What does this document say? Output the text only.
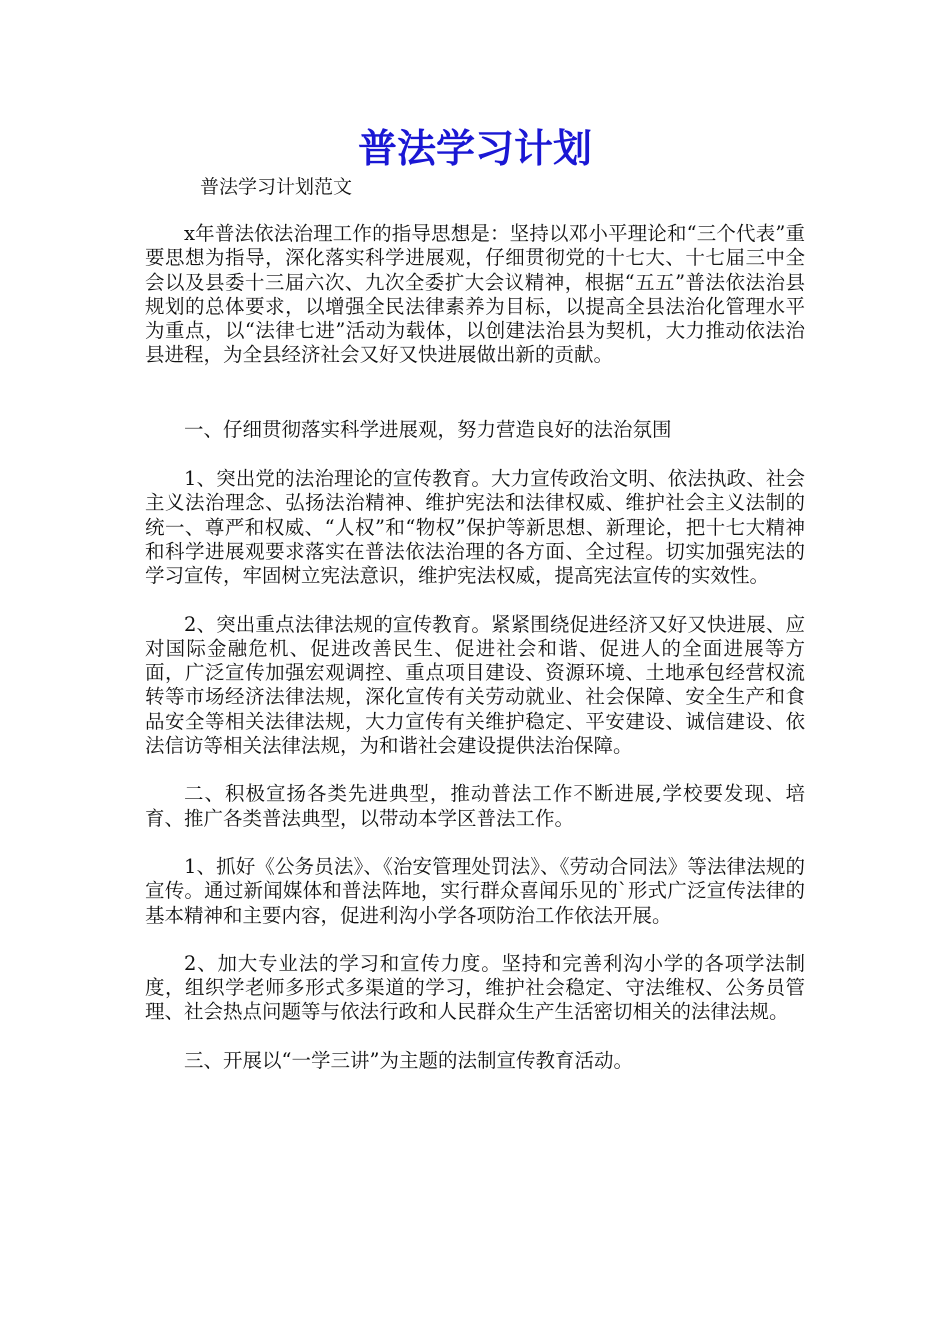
普法学习计划

普法学习计划范文

x年普法依法治理工作的指导思想是：坚持以邓小平理论和“三个代表”重要思想为指导，深化落实科学进展观，仔细贯彻党的十七大、十七届三中全会以及县委十三届六次、九次全委扩大会议精神，根据“五五”普法依法治县规划的总体要求，以增强全民法律素养为目标，以提高全县法治化管理水平为重点，以“法律七进”活动为载体，以创建法治县为契机，大力推动依法治县进程，为全县经济社会又好又快进展做出新的贡献。

一、仔细贯彻落实科学进展观，努力营造良好的法治氛围

1、突出党的法治理论的宣传教育。大力宣传政治文明、依法执政、社会主义法治理念、弘扬法治精神、维护宪法和法律权威、维护社会主义法制的统一、尊严和权威、“人权”和“物权”保护等新思想、新理论，把十七大精神和科学进展观要求落实在普法依法治理的各方面、全过程。切实加强宪法的学习宣传，牢固树立宪法意识，维护宪法权威，提高宪法宣传的实效性。

2、突出重点法律法规的宣传教育。紧紧围绕促进经济又好又快进展、应对国际金融危机、促进改善民生、促进社会和谐、促进人的全面进展等方面，广泛宣传加强宏观调控、重点项目建设、资源环境、土地承包经营权流转等市场经济法律法规，深化宣传有关劳动就业、社会保障、安全生产和食品安全等相关法律法规，大力宣传有关维护稳定、平安建设、诚信建设、依法信访等相关法律法规，为和谐社会建设提供法治保障。

二、积极宣扬各类先进典型，推动普法工作不断进展,学校要发现、培育、推广各类普法典型，以带动本学区普法工作。

1、抓好《公务员法》、《治安管理处罚法》、《劳动合同法》等法律法规的宣传。通过新闻媒体和普法阵地，实行群众喜闻乐见的`形式广泛宣传法律的基本精神和主要内容，促进利沟小学各项防治工作依法开展。

2、加大专业法的学习和宣传力度。坚持和完善利沟小学的各项学法制度，组织学老师多形式多渠道的学习，维护社会稳定、守法维权、公务员管理、社会热点问题等与依法行政和人民群众生产生活密切相关的法律法规。

三、开展以“一学三讲”为主题的法制宣传教育活动。
